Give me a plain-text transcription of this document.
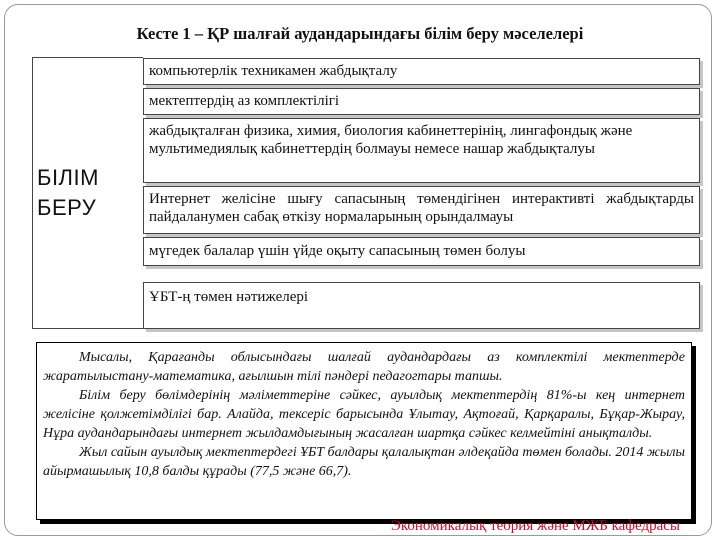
Кесте 1 – ҚР шалғай аудандарындағы білім беру мәселелері
БІЛІМ
БЕРУ
компьютерлік техникамен жабдықталу
мектептердің аз комплектілігі
жабдықталған физика, химия, биология кабинеттерінің, лингафондық және мультимедиялық кабинеттердің болмауы немесе нашар жабдықталуы
Интернет желісіне шығу сапасының төмендігінен интерактивті жабдықтарды пайдаланумен сабақ өткізу нормаларының орындалмауы
мүгедек балалар үшін үйде оқыту сапасының төмен болуы
ҰБТ-ң төмен нәтижелері

Мысалы, Қарағанды облысындағы шалғай аудандардағы аз комплектілі мектептерде жаратылыстану-математика, ағылшын тілі пәндері педагогтары тапшы.

Білім беру бөлімдерінің мәліметтеріне сәйкес, ауылдық мектептердің 81%-ы кең интернет желісіне қолжетімділігі бар. Алайда, тексеріс барысында Ұлытау, Ақтоғай, Қарқаралы, Бұқар-Жырау, Нұра аудандарындағы интернет жылдамдығының жасалған шартқа сәйкес келмейтіні анықталды.

Жыл сайын ауылдық мектептердегі ҰБТ балдары қалалықтан әлдеқайда төмен болады. 2014 жылы айырмашылық 10,8 балды құрады (77,5 және 66,7).

Экономикалық теория және МЖБ кафедрасы
